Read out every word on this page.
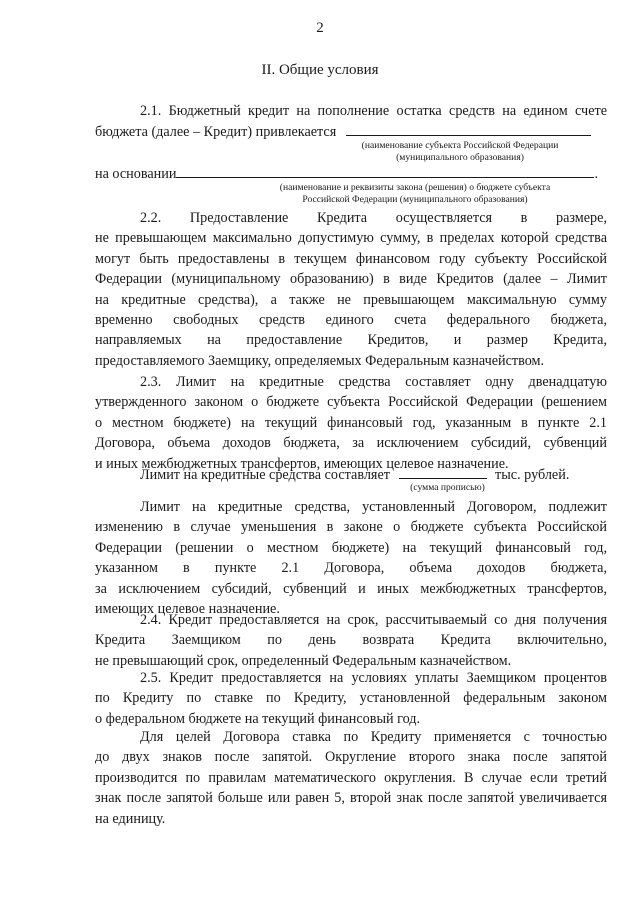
2
II. Общие условия
2.1. Бюджетный кредит на пополнение остатка средств на едином счете
бюджета (далее – Кредит) привлекается
(наименование субъекта Российской Федерации
(муниципального образования)
на основании	.
(наименование и реквизиты закона (решения) о бюджете субъекта
Российской Федерации (муниципального образования)
2.2. Предоставление Кредита осуществляется в размере,
не превышающем максимально допустимую сумму, в пределах которой средства
могут быть предоставлены в текущем финансовом году субъекту Российской
Федерации (муниципальному образованию) в виде Кредитов (далее – Лимит
на кредитные средства), а также не превышающем максимальную сумму
временно свободных средств единого счета федерального бюджета,
направляемых на предоставление Кредитов, и размер Кредита,
предоставляемого Заемщику, определяемых Федеральным казначейством.
2.3. Лимит на кредитные средства составляет одну двенадцатую
утвержденного законом о бюджете субъекта Российской Федерации (решением
о местном бюджете) на текущий финансовый год, указанным в пункте 2.1
Договора, объема доходов бюджета, за исключением субсидий, субвенций
и иных межбюджетных трансфертов, имеющих целевое назначение.
Лимит на кредитные средства составляет	тыс. рублей.
(сумма прописью)
Лимит на кредитные средства, установленный Договором, подлежит
изменению в случае уменьшения в законе о бюджете субъекта Российской
Федерации (решении о местном бюджете) на текущий финансовый год,
указанном в пункте 2.1 Договора, объема доходов бюджета,
за исключением субсидий, субвенций и иных межбюджетных трансфертов,
имеющих целевое назначение.
2.4. Кредит предоставляется на срок, рассчитываемый со дня получения
Кредита Заемщиком по день возврата Кредита включительно,
не превышающий срок, определенный Федеральным казначейством.
2.5. Кредит предоставляется на условиях уплаты Заемщиком процентов
по Кредиту по ставке по Кредиту, установленной федеральным законом
о федеральном бюджете на текущий финансовый год.
Для целей Договора ставка по Кредиту применяется с точностью
до двух знаков после запятой. Округление второго знака после запятой
производится по правилам математического округления. В случае если третий
знак после запятой больше или равен 5, второй знак после запятой увеличивается
на единицу.
